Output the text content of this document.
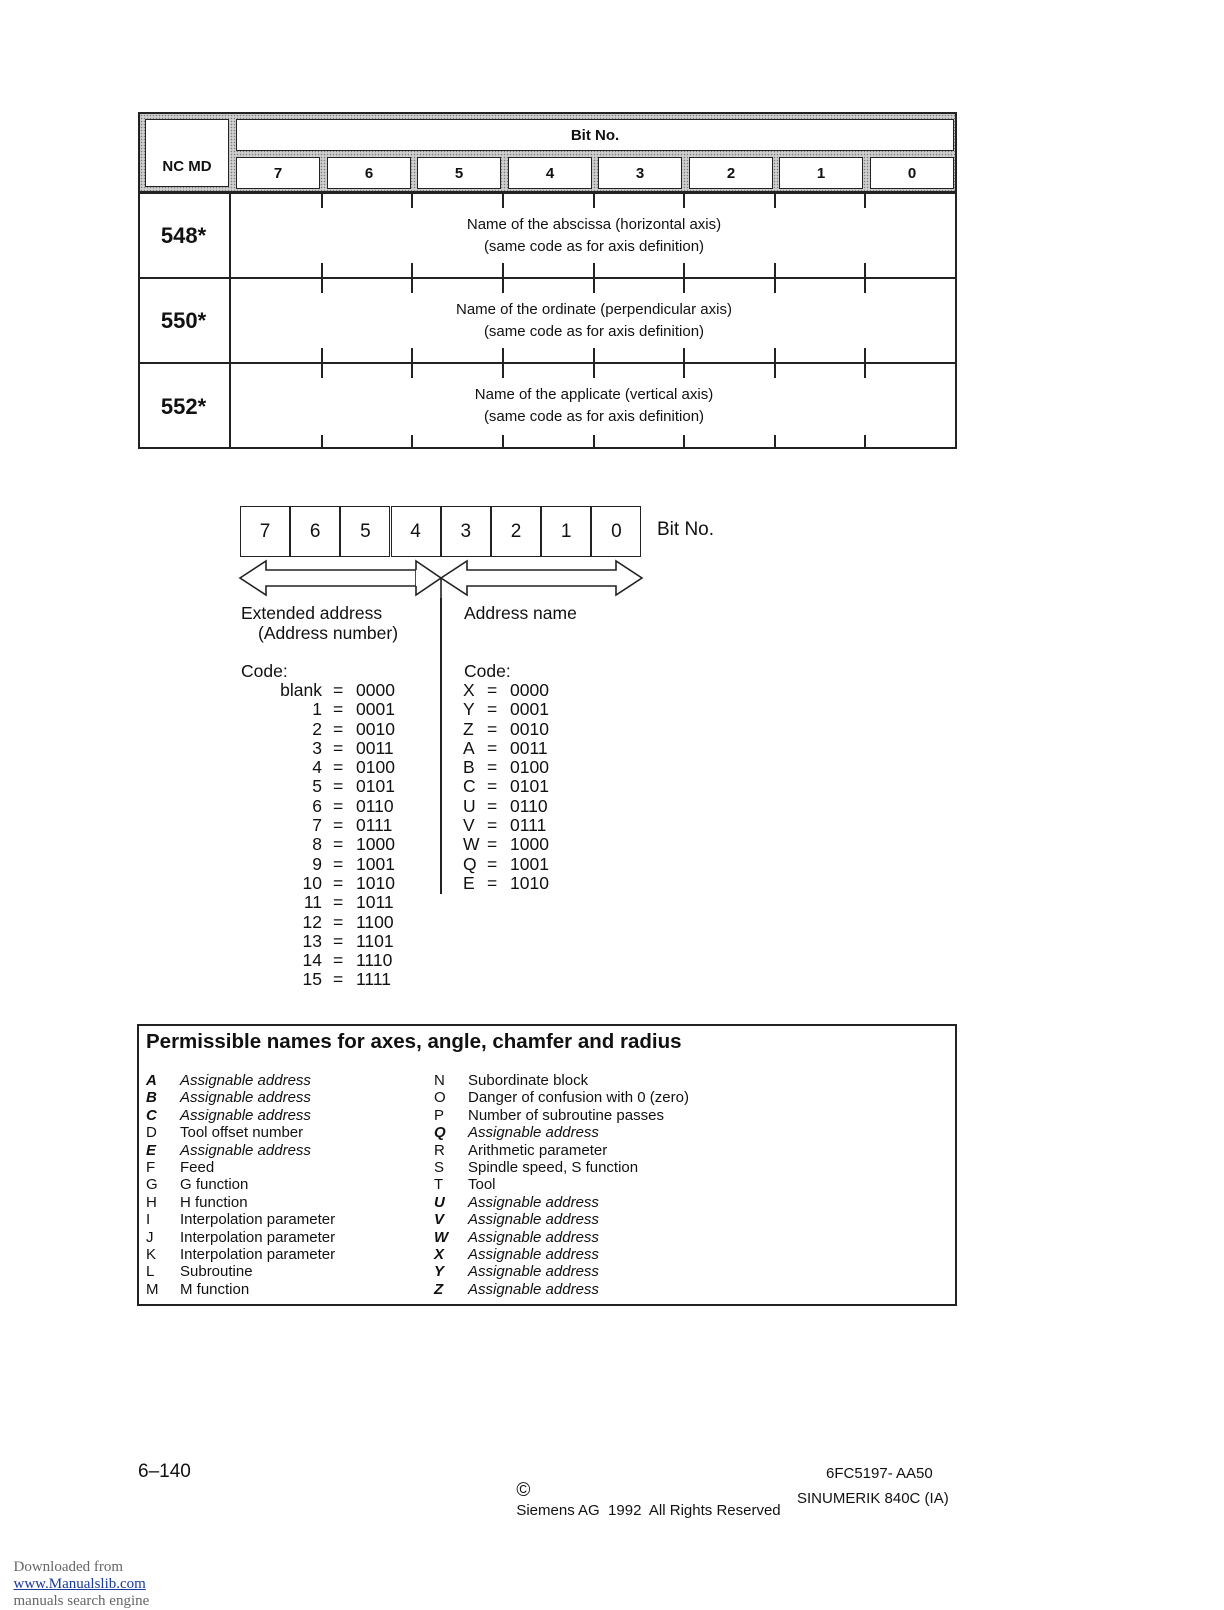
NC MD
Bit No.
7	6	5	4	3	2	1	0
548*	Name of the abscissa (horizontal axis)
(same code as for axis definition)
550*	Name of the ordinate (perpendicular axis)
(same code as for axis definition)
552*	Name of the applicate (vertical axis)
(same code as for axis definition)
7	6	5	4	3	2	1	0	Bit No.
Extended address
(Address number)
Address name
Code:	Code:
blank = 0000
1 = 0001
2 = 0010
3 = 0011
4 = 0100
5 = 0101
6 = 0110
7 = 0111
8 = 1000
9 = 1001
10 = 1010
11 = 1011
12 = 1100
13 = 1101
14 = 1110
15 = 1111
X = 0000
Y = 0001
Z = 0010
A = 0011
B = 0100
C = 0101
U = 0110
V = 0111
W = 1000
Q = 1001
E = 1010
Permissible names for axes, angle, chamfer and radius
A Assignable address
B Assignable address
C Assignable address
D Tool offset number
E Assignable address
F Feed
G G function
H H function
I Interpolation parameter
J Interpolation parameter
K Interpolation parameter
L Subroutine
M M function
N Subordinate block
O Danger of confusion with 0 (zero)
P Number of subroutine passes
Q Assignable address
R Arithmetic parameter
S Spindle speed, S function
T Tool
U Assignable address
V Assignable address
W Assignable address
X Assignable address
Y Assignable address
Z Assignable address
6–140

©
Siemens AG  1992  All Rights Reserved

6FC5197- AA50
SINUMERIK 840C (IA)

Downloaded from
www.Manualslib.com
manuals search engine
